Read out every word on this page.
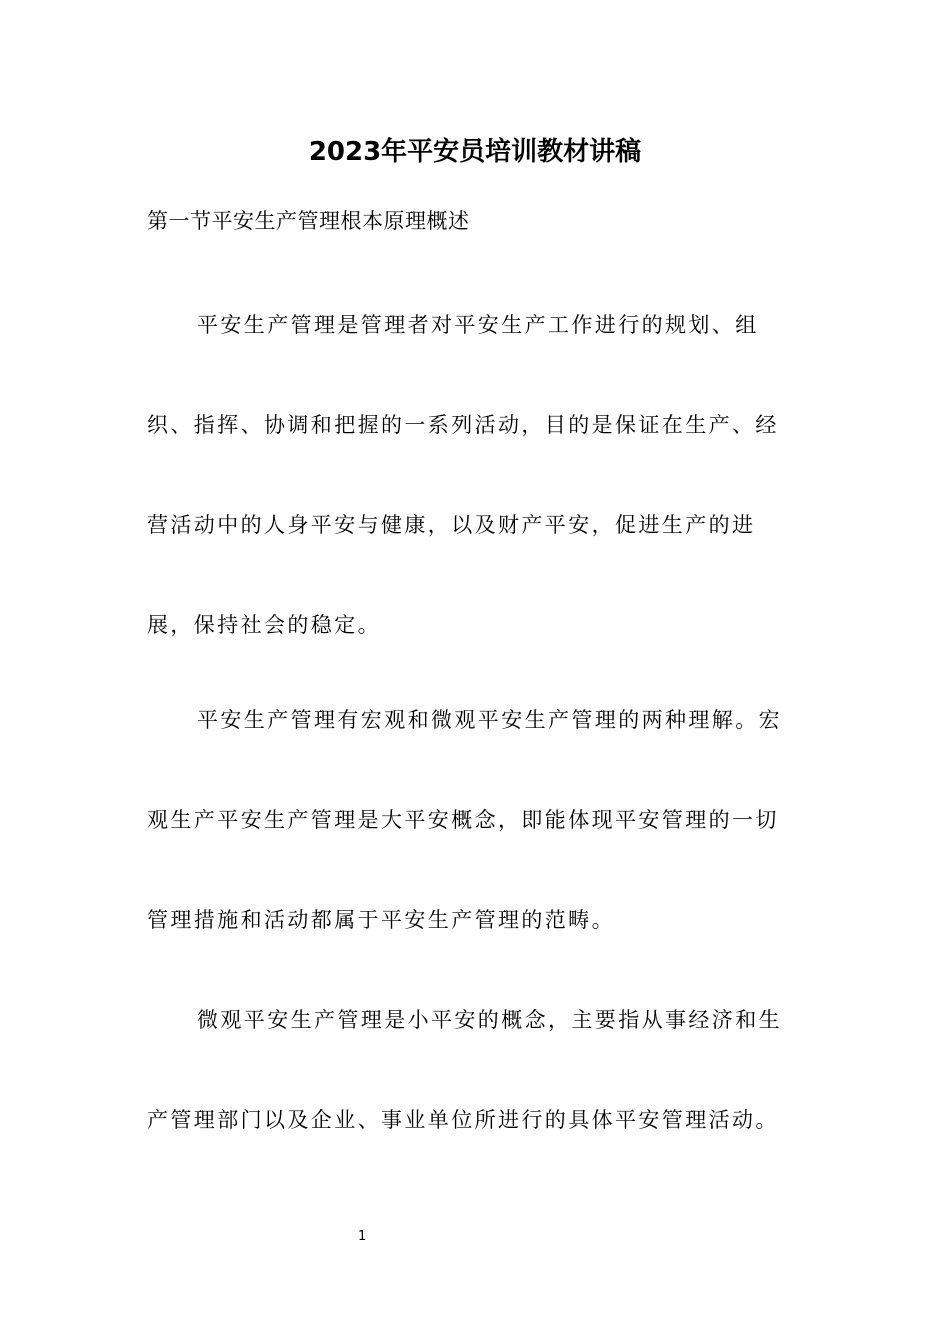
2023年平安员培训教材讲稿
第一节平安生产管理根本原理概述
平安生产管理是管理者对平安生产工作进行的规划、组
织、指挥、协调和把握的一系列活动，目的是保证在生产、经
营活动中的人身平安与健康，以及财产平安，促进生产的进
展，保持社会的稳定。
平安生产管理有宏观和微观平安生产管理的两种理解。宏
观生产平安生产管理是大平安概念，即能体现平安管理的一切
管理措施和活动都属于平安生产管理的范畴。
微观平安生产管理是小平安的概念，主要指从事经济和生
产管理部门以及企业、事业单位所进行的具体平安管理活动。
1
